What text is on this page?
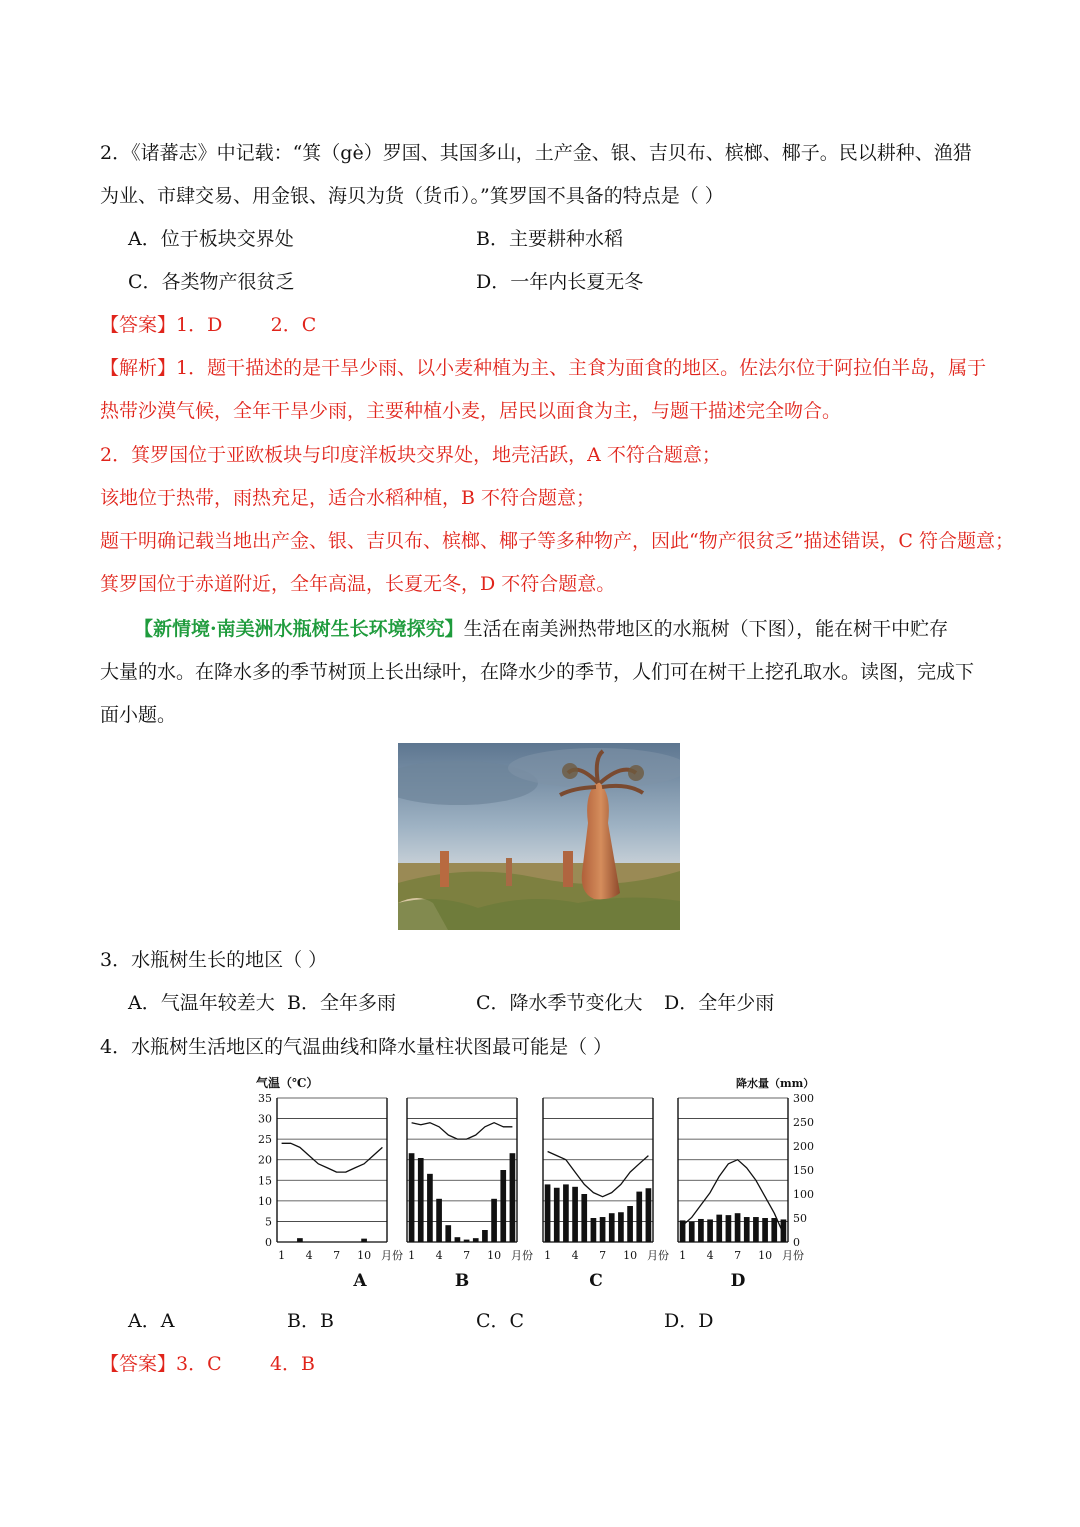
2．《诸蕃志》中记载：“箕（gè）罗国、其国多山，土产金、银、吉贝布、槟榔、椰子。民以耕种、渔猎
为业、市肆交易、用金银、海贝为货（货币）。”箕罗国不具备的特点是（ ）
A．位于板块交界处	B．主要耕种水稻
C．各类物产很贫乏	D．一年内长夏无冬
【答案】1．D        2．C
【解析】1．题干描述的是干旱少雨、以小麦种植为主、主食为面食的地区。佐法尔位于阿拉伯半岛，属于
热带沙漠气候，全年干旱少雨，主要种植小麦，居民以面食为主，与题干描述完全吻合。
2．箕罗国位于亚欧板块与印度洋板块交界处，地壳活跃，A 不符合题意；
该地位于热带，雨热充足，适合水稻种植，B 不符合题意；
题干明确记载当地出产金、银、吉贝布、槟榔、椰子等多种物产，因此“物产很贫乏”描述错误，C 符合题意；
箕罗国位于赤道附近，全年高温，长夏无冬，D 不符合题意。
【新情境·南美洲水瓶树生长环境探究】生活在南美洲热带地区的水瓶树（下图），能在树干中贮存
大量的水。在降水多的季节树顶上长出绿叶，在降水少的季节，人们可在树干上挖孔取水。读图，完成下
面小题。
3．水瓶树生长的地区（ ）
A．气温年较差大 B．全年多雨	C．降水季节变化大 D．全年少雨
4．水瓶树生活地区的气温曲线和降水量柱状图最可能是（ ）
气温（℃）	降水量（mm）
35
30
25
20
15
10
5
0
300
250
200
150
100
50
0
1 4 7 10 月份
A
1 4 7 10 月份
B
1 4 7 10 月份
C
1 4 7 10 月份
D
A．A	B．B	C．C	D．D
【答案】3．C        4．B
